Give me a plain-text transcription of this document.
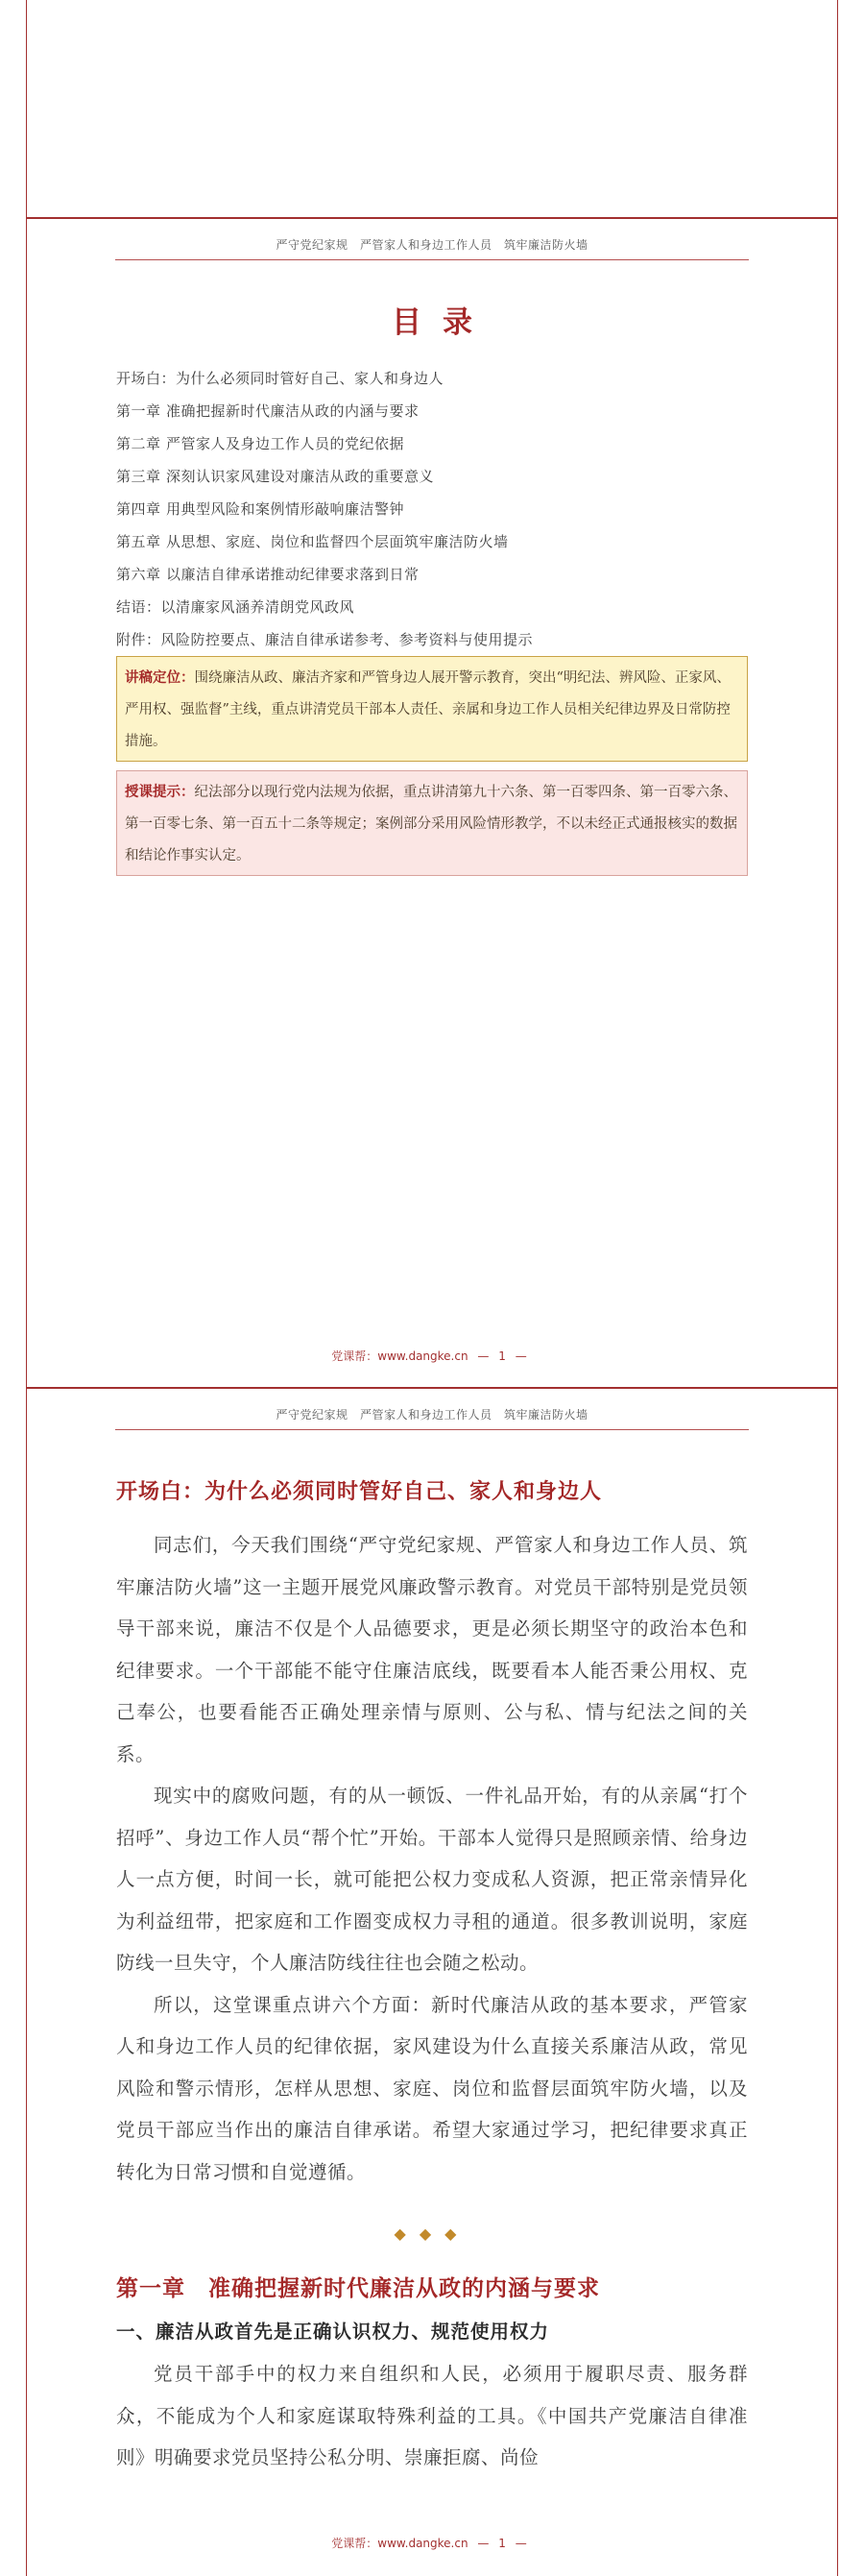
严守党纪家规　严管家人和身边工作人员　筑牢廉洁防火墙
目录
开场白：为什么必须同时管好自己、家人和身边人
第一章 准确把握新时代廉洁从政的内涵与要求
第二章 严管家人及身边工作人员的党纪依据
第三章 深刻认识家风建设对廉洁从政的重要意义
第四章 用典型风险和案例情形敲响廉洁警钟
第五章 从思想、家庭、岗位和监督四个层面筑牢廉洁防火墙
第六章 以廉洁自律承诺推动纪律要求落到日常
结语：以清廉家风涵养清朗党风政风
附件：风险防控要点、廉洁自律承诺参考、参考资料与使用提示
讲稿定位：围绕廉洁从政、廉洁齐家和严管身边人展开警示教育，突出“明纪法、辨风险、正家风、严用权、强监督”主线，重点讲清党员干部本人责任、亲属和身边工作人员相关纪律边界及日常防控措施。
授课提示：纪法部分以现行党内法规为依据，重点讲清第九十六条、第一百零四条、第一百零六条、第一百零七条、第一百五十二条等规定；案例部分采用风险情形教学，不以未经正式通报核实的数据和结论作事实认定。
党课帮：www.dangke.cn — 1 —
严守党纪家规　严管家人和身边工作人员　筑牢廉洁防火墙
开场白：为什么必须同时管好自己、家人和身边人

同志们，今天我们围绕“严守党纪家规、严管家人和身边工作人员、筑牢廉洁防火墙”这一主题开展党风廉政警示教育。对党员干部特别是党员领导干部来说，廉洁不仅是个人品德要求，更是必须长期坚守的政治本色和纪律要求。一个干部能不能守住廉洁底线，既要看本人能否秉公用权、克己奉公，也要看能否正确处理亲情与原则、公与私、情与纪法之间的关系。

现实中的腐败问题，有的从一顿饭、一件礼品开始，有的从亲属“打个招呼”、身边工作人员“帮个忙”开始。干部本人觉得只是照顾亲情、给身边人一点方便，时间一长，就可能把公权力变成私人资源，把正常亲情异化为利益纽带，把家庭和工作圈变成权力寻租的通道。很多教训说明，家庭防线一旦失守，个人廉洁防线往往也会随之松动。

所以，这堂课重点讲六个方面：新时代廉洁从政的基本要求，严管家人和身边工作人员的纪律依据，家风建设为什么直接关系廉洁从政，常见风险和警示情形，怎样从思想、家庭、岗位和监督层面筑牢防火墙，以及党员干部应当作出的廉洁自律承诺。希望大家通过学习，把纪律要求真正转化为日常习惯和自觉遵循。

◆◆◆
第一章　准确把握新时代廉洁从政的内涵与要求
一、廉洁从政首先是正确认识权力、规范使用权力

党员干部手中的权力来自组织和人民，必须用于履职尽责、服务群众，不能成为个人和家庭谋取特殊利益的工具。《中国共产党廉洁自律准则》明确要求党员坚持公私分明、崇廉拒腐、尚俭

党课帮：www.dangke.cn — 1 —
